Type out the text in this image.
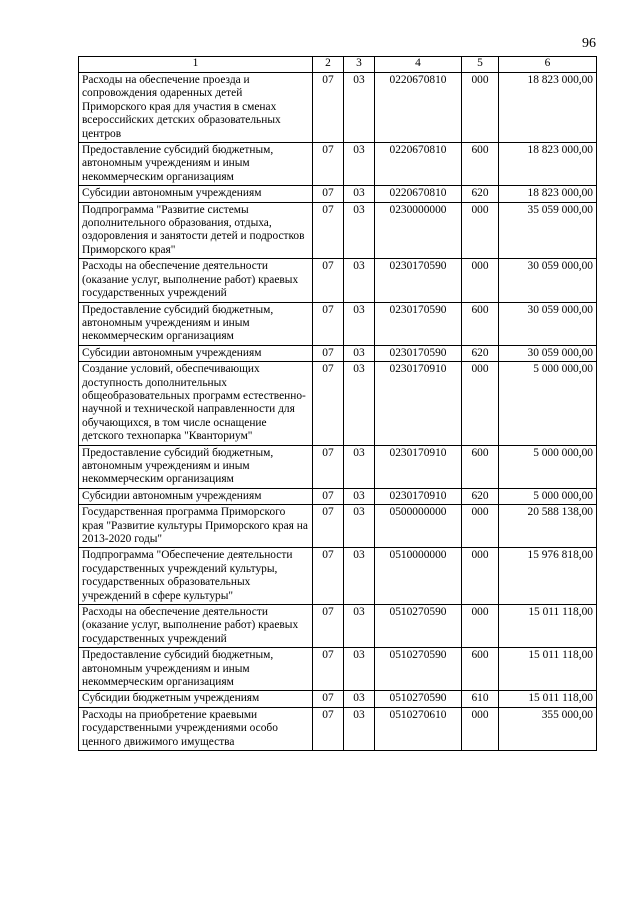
96
1	2	3	4	5	6
Расходы на обеспечение проезда и сопровождения одаренных детей Приморского края для участия в сменах всероссийских детских образовательных центров	07	03	0220670810	000	18 823 000,00
Предоставление субсидий бюджетным, автономным учреждениям и иным некоммерческим организациям	07	03	0220670810	600	18 823 000,00
Субсидии автономным учреждениям	07	03	0220670810	620	18 823 000,00
Подпрограмма "Развитие системы дополнительного образования, отдыха, оздоровления и занятости детей и подростков Приморского края"	07	03	0230000000	000	35 059 000,00
Расходы на обеспечение деятельности (оказание услуг, выполнение работ) краевых государственных учреждений	07	03	0230170590	000	30 059 000,00
Предоставление субсидий бюджетным, автономным учреждениям и иным некоммерческим организациям	07	03	0230170590	600	30 059 000,00
Субсидии автономным учреждениям	07	03	0230170590	620	30 059 000,00
Создание условий, обеспечивающих доступность дополнительных общеобразовательных программ естественно-научной и технической направленности для обучающихся, в том числе оснащение детского технопарка "Кванториум"	07	03	0230170910	000	5 000 000,00
Предоставление субсидий бюджетным, автономным учреждениям и иным некоммерческим организациям	07	03	0230170910	600	5 000 000,00
Субсидии автономным учреждениям	07	03	0230170910	620	5 000 000,00
Государственная программа Приморского края "Развитие культуры Приморского края на 2013-2020 годы"	07	03	0500000000	000	20 588 138,00
Подпрограмма "Обеспечение деятельности государственных учреждений культуры, государственных образовательных учреждений в сфере культуры"	07	03	0510000000	000	15 976 818,00
Расходы на обеспечение деятельности (оказание услуг, выполнение работ) краевых государственных учреждений	07	03	0510270590	000	15 011 118,00
Предоставление субсидий бюджетным, автономным учреждениям и иным некоммерческим организациям	07	03	0510270590	600	15 011 118,00
Субсидии бюджетным учреждениям	07	03	0510270590	610	15 011 118,00
Расходы на приобретение краевыми государственными учреждениями особо ценного движимого имущества	07	03	0510270610	000	355 000,00
